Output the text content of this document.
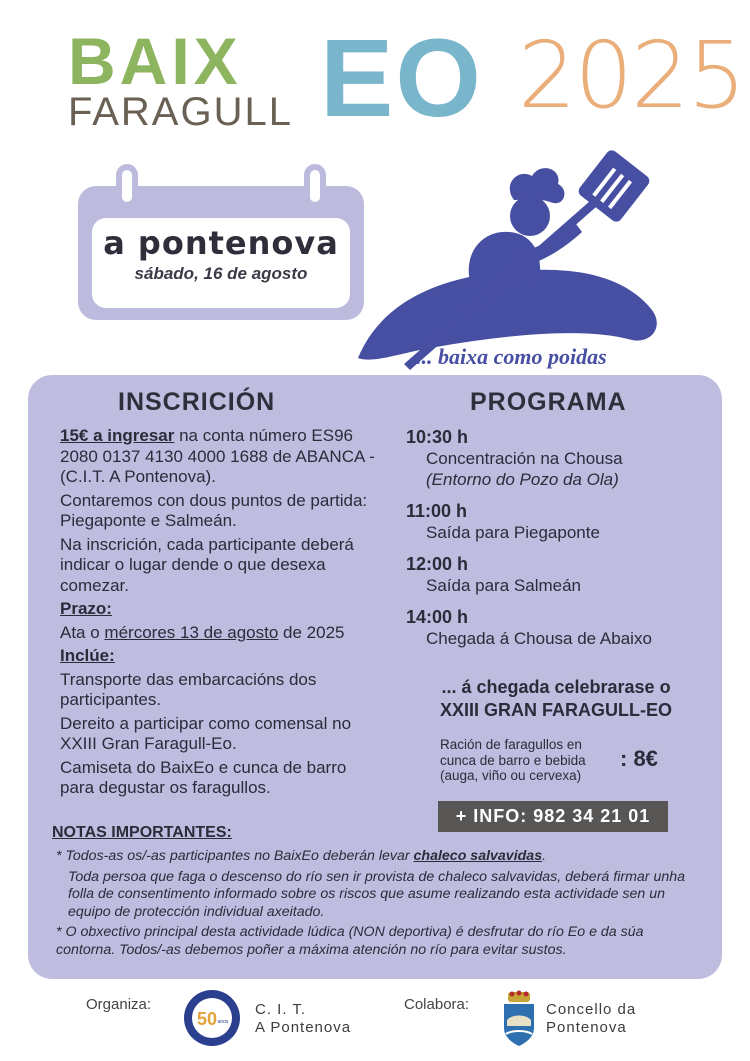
BAIX
FARAGULL EO 2025
a pontenova
sábado, 16 de agosto
... baixa como poidas
INSCRICIÓN	PROGRAMA

15€ a ingresar na conta número ES96 2080 0137 4130 4000 1688 de ABANCA - (C.I.T. A Pontenova).

Contaremos con dous puntos de partida: Piegaponte e Salmeán.

Na inscrición, cada participante deberá indicar o lugar dende o que desexa comezar.

Prazo:

Ata o mércores 13 de agosto de 2025

Inclúe:

Transporte das embarcacións dos participantes.

Dereito a participar como comensal no XXIII Gran Faragull-Eo.

Camiseta do BaixEo e cunca de barro para degustar os faragullos.

NOTAS IMPORTANTES:
10:30 h
Concentración na Chousa
(Entorno do Pozo da Ola)
11:00 h
Saída para Piegaponte
12:00 h
Saída para Salmeán
14:00 h
Chegada á Chousa de Abaixo
... á chegada celebrarase o
XXIII GRAN FARAGULL-EO
Ración de faragullos en cunca de barro e bebida (auga, viño ou cervexa)
: 8€
+ INFO: 982 34 21 01

* Todos-as os/-as participantes no BaixEo deberán levar chaleco salvavidas.

Toda persoa que faga o descenso do río sen ir provista de chaleco salvavidas, deberá firmar unha folla de consentimento informado sobre os riscos que asume realizando esta actividade sen un equipo de protección individual axeitado.

* O obxectivo principal desta actividade lúdica (NON deportiva) é desfrutar do río Eo e da súa contorna. Todos/-as debemos poñer a máxima atención no río para evitar sustos.

Organiza:
50 anos
C. I. T.
A Pontenova
Colabora:	Concello da
Pontenova
